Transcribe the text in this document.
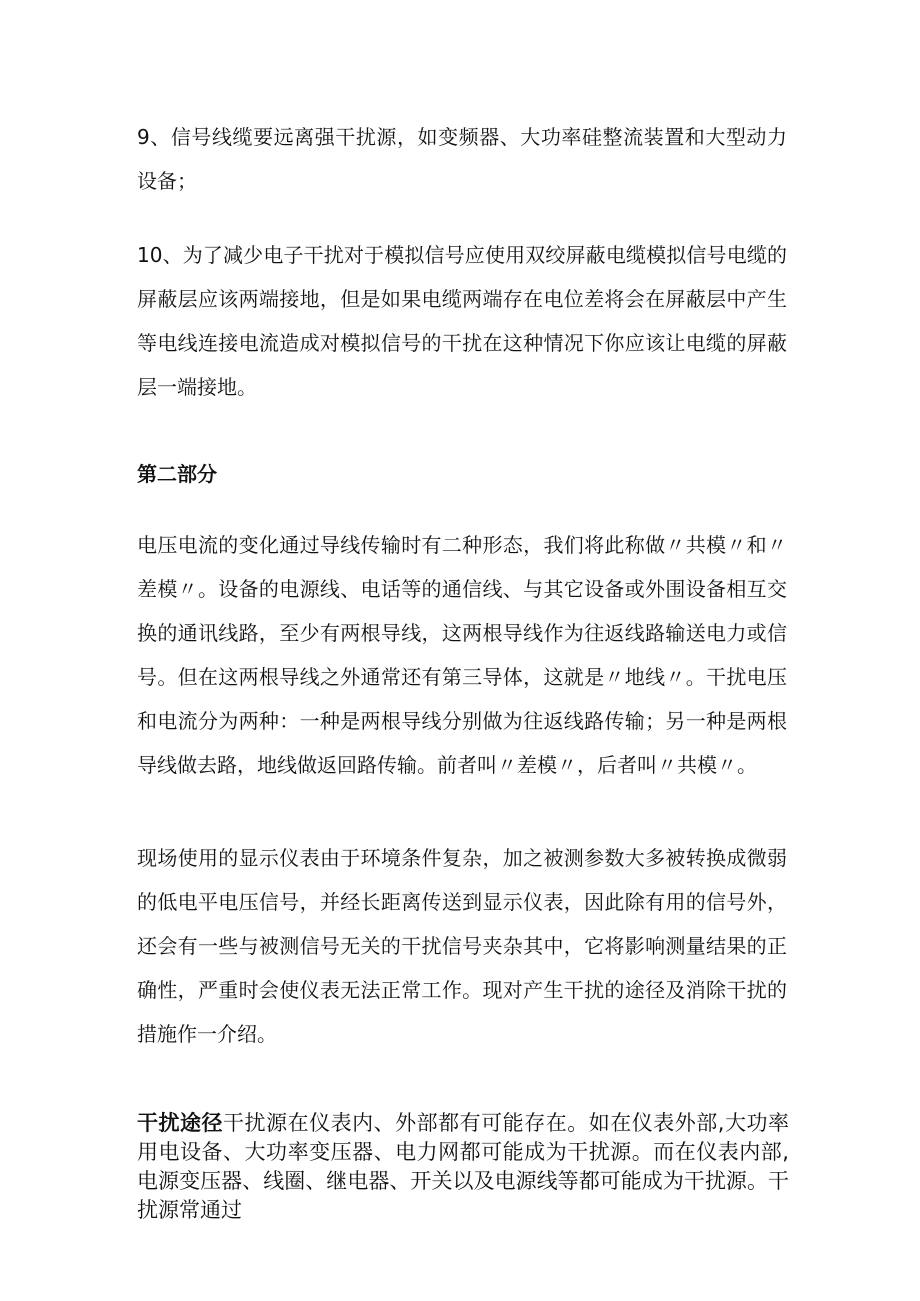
9、信号线缆要远离强干扰源，如变频器、大功率硅整流装置和大型动力设备；

10、为了减少电子干扰对于模拟信号应使用双绞屏蔽电缆模拟信号电缆的屏蔽层应该两端接地，但是如果电缆两端存在电位差将会在屏蔽层中产生等电线连接电流造成对模拟信号的干扰在这种情况下你应该让电缆的屏蔽层一端接地。

第二部分

电压电流的变化通过导线传输时有二种形态，我们将此称做〃共模〃和〃差模〃。设备的电源线、电话等的通信线、与其它设备或外围设备相互交换的通讯线路，至少有两根导线，这两根导线作为往返线路输送电力或信号。但在这两根导线之外通常还有第三导体，这就是〃地线〃。干扰电压和电流分为两种：一种是两根导线分别做为往返线路传输；另一种是两根导线做去路，地线做返回路传输。前者叫〃差模〃，后者叫〃共模〃。

现场使用的显示仪表由于环境条件复杂，加之被测参数大多被转换成微弱的低电平电压信号，并经长距离传送到显示仪表，因此除有用的信号外，还会有一些与被测信号无关的干扰信号夹杂其中，它将影响测量结果的正确性，严重时会使仪表无法正常工作。现对产生干扰的途径及消除干扰的措施作一介绍。

干扰途径干扰源在仪表内、外部都有可能存在。如在仪表外部,大功率用电设备、大功率变压器、电力网都可能成为干扰源。而在仪表内部,电源变压器、线圈、继电器、开关以及电源线等都可能成为干扰源。干扰源常通过
